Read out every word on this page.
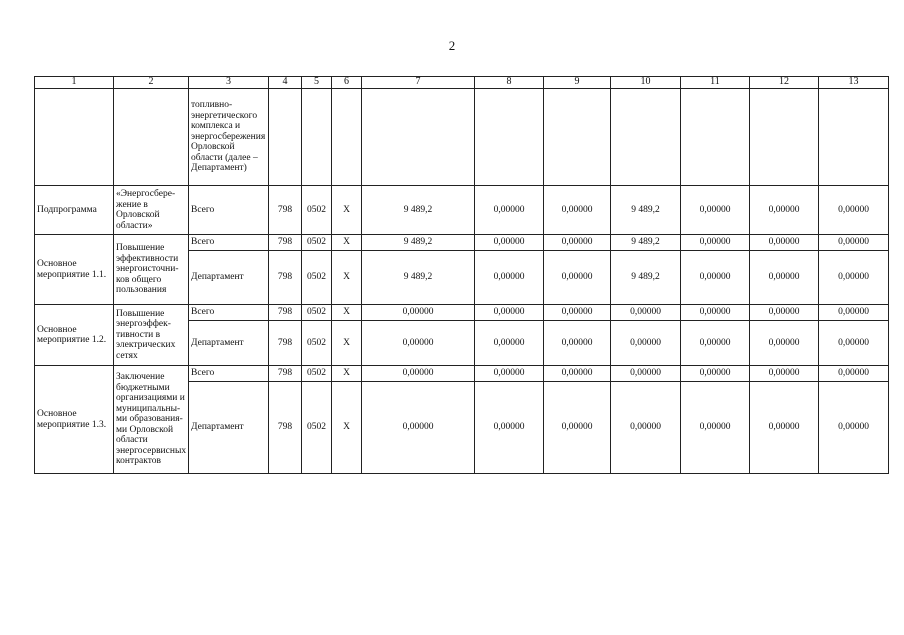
2
1	2	3	4	5	6	7	8	9	10	11	12	13
		топливно-энергетического комплекса и энергосбережения Орловской области (далее – Департамент)										
Подпрограмма	«Энергосбере-жение в Орловской области»	Всего	798	0502	Х	9 489,2	0,00000	0,00000	9 489,2	0,00000	0,00000	0,00000
Основное мероприятие 1.1.	Повышение эффективности энергоисточни-ков общего пользования	Всего	798	0502	Х	9 489,2	0,00000	0,00000	9 489,2	0,00000	0,00000	0,00000
		Департамент	798	0502	Х	9 489,2	0,00000	0,00000	9 489,2	0,00000	0,00000	0,00000
Основное мероприятие 1.2.	Повышение энергоэффек-тивности в электрических сетях	Всего	798	0502	Х	0,00000	0,00000	0,00000	0,00000	0,00000	0,00000	0,00000
		Департамент	798	0502	Х	0,00000	0,00000	0,00000	0,00000	0,00000	0,00000	0,00000
Основное мероприятие 1.3.	Заключение бюджетными организациями и муниципальны-ми образования-ми Орловской области энергосервисных контрактов	Всего	798	0502	Х	0,00000	0,00000	0,00000	0,00000	0,00000	0,00000	0,00000
		Департамент	798	0502	Х	0,00000	0,00000	0,00000	0,00000	0,00000	0,00000	0,00000
